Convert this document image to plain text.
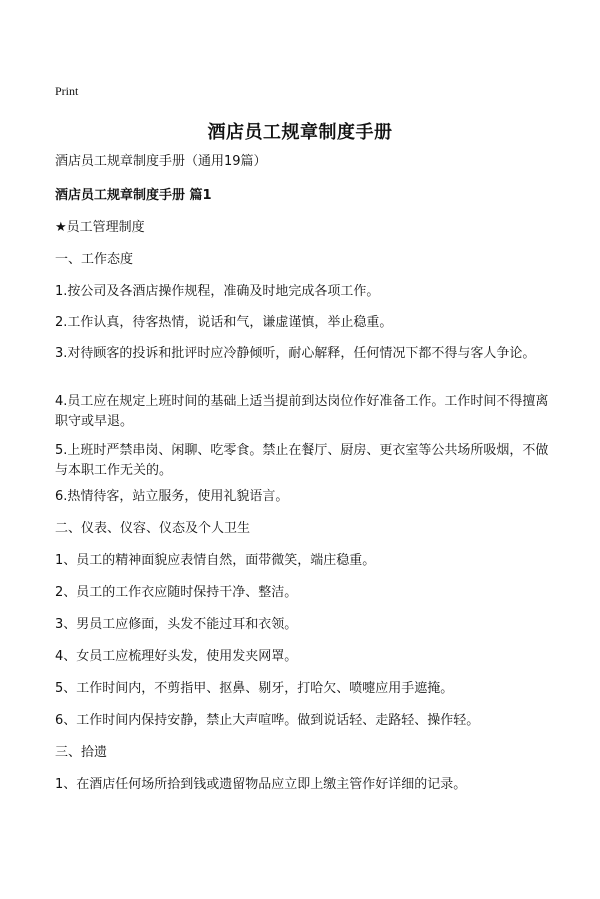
Print
酒店员工规章制度手册
酒店员工规章制度手册（通用19篇）
酒店员工规章制度手册 篇1
★员工管理制度
一、工作态度
1.按公司及各酒店操作规程，准确及时地完成各项工作。
2.工作认真，待客热情，说话和气，谦虚谨慎，举止稳重。
3.对待顾客的投诉和批评时应冷静倾听，耐心解释，任何情况下都不得与客人争论。
4.员工应在规定上班时间的基础上适当提前到达岗位作好准备工作。工作时间不得擅离职守或早退。
5.上班时严禁串岗、闲聊、吃零食。禁止在餐厅、厨房、更衣室等公共场所吸烟，不做与本职工作无关的。
6.热情待客，站立服务，使用礼貌语言。
二、仪表、仪容、仪态及个人卫生
1、员工的精神面貌应表情自然，面带微笑，端庄稳重。
2、员工的工作衣应随时保持干净、整洁。
3、男员工应修面，头发不能过耳和衣领。
4、女员工应梳理好头发，使用发夹网罩。
5、工作时间内，不剪指甲、抠鼻、剔牙，打哈欠、喷嚏应用手遮掩。
6、工作时间内保持安静，禁止大声喧哗。做到说话轻、走路轻、操作轻。
三、拾遗
1、在酒店任何场所拾到钱或遗留物品应立即上缴主管作好详细的记录。
